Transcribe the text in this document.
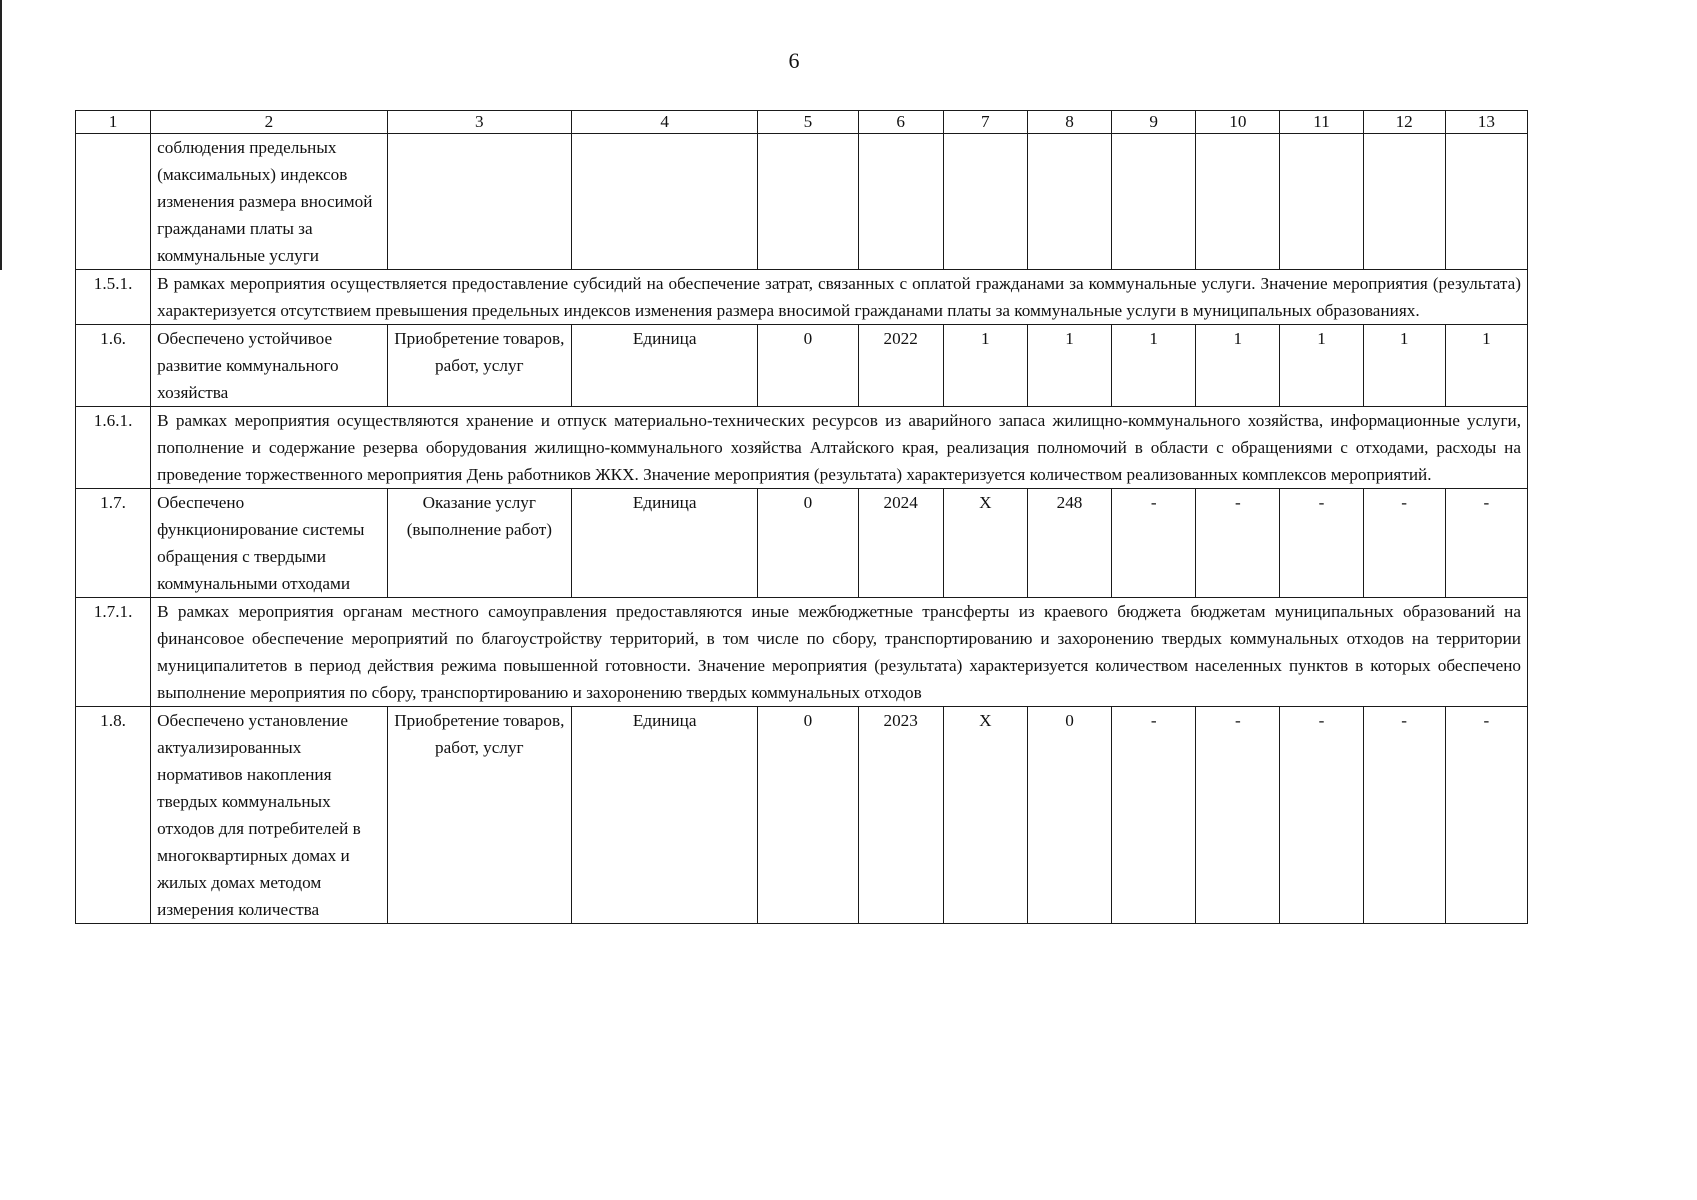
6
1	2	3	4	5	6	7	8	9	10	11	12	13
	соблюдения предельных (максимальных) индексов изменения размера вносимой гражданами платы за коммунальные услуги											
1.5.1.	В рамках мероприятия осуществляется предоставление субсидий на обеспечение затрат, связанных с оплатой гражданами за коммунальные услуги. Значение мероприятия (результата) характеризуется отсутствием превышения предельных индексов изменения размера вносимой гражданами платы за коммунальные услуги в муниципальных образованиях.											
1.6.	Обеспечено устойчивое развитие коммунального хозяйства	Приобретение товаров, работ, услуг	Единица	0	2022	1	1	1	1	1	1	1
1.6.1.	В рамках мероприятия осуществляются хранение и отпуск материально-технических ресурсов из аварийного запаса жилищно-коммунального хозяйства, информационные услуги, пополнение и содержание резерва оборудования жилищно-коммунального хозяйства Алтайского края, реализация полномочий в области с обращениями с отходами, расходы на проведение торжественного мероприятия День работников ЖКХ. Значение мероприятия (результата) характеризуется количеством реализованных комплексов мероприятий.											
1.7.	Обеспечено функционирование системы обращения с твердыми коммунальными отходами	Оказание услуг (выполнение работ)	Единица	0	2024	Х	248	-	-	-	-	-
1.7.1.	В рамках мероприятия органам местного самоуправления предоставляются иные межбюджетные трансферты из краевого бюджета бюджетам муниципальных образований на финансовое обеспечение мероприятий по благоустройству территорий, в том числе по сбору, транспортированию и захоронению твердых коммунальных отходов на территории муниципалитетов в период действия режима повышенной готовности. Значение мероприятия (результата) характеризуется количеством населенных пунктов в которых обеспечено выполнение мероприятия по сбору, транспортированию и захоронению твердых коммунальных отходов											
1.8.	Обеспечено установление актуализированных нормативов накопления твердых коммунальных отходов для потребителей в многоквартирных домах и жилых домах методом измерения количества	Приобретение товаров, работ, услуг	Единица	0	2023	Х	0	-	-	-	-	-
